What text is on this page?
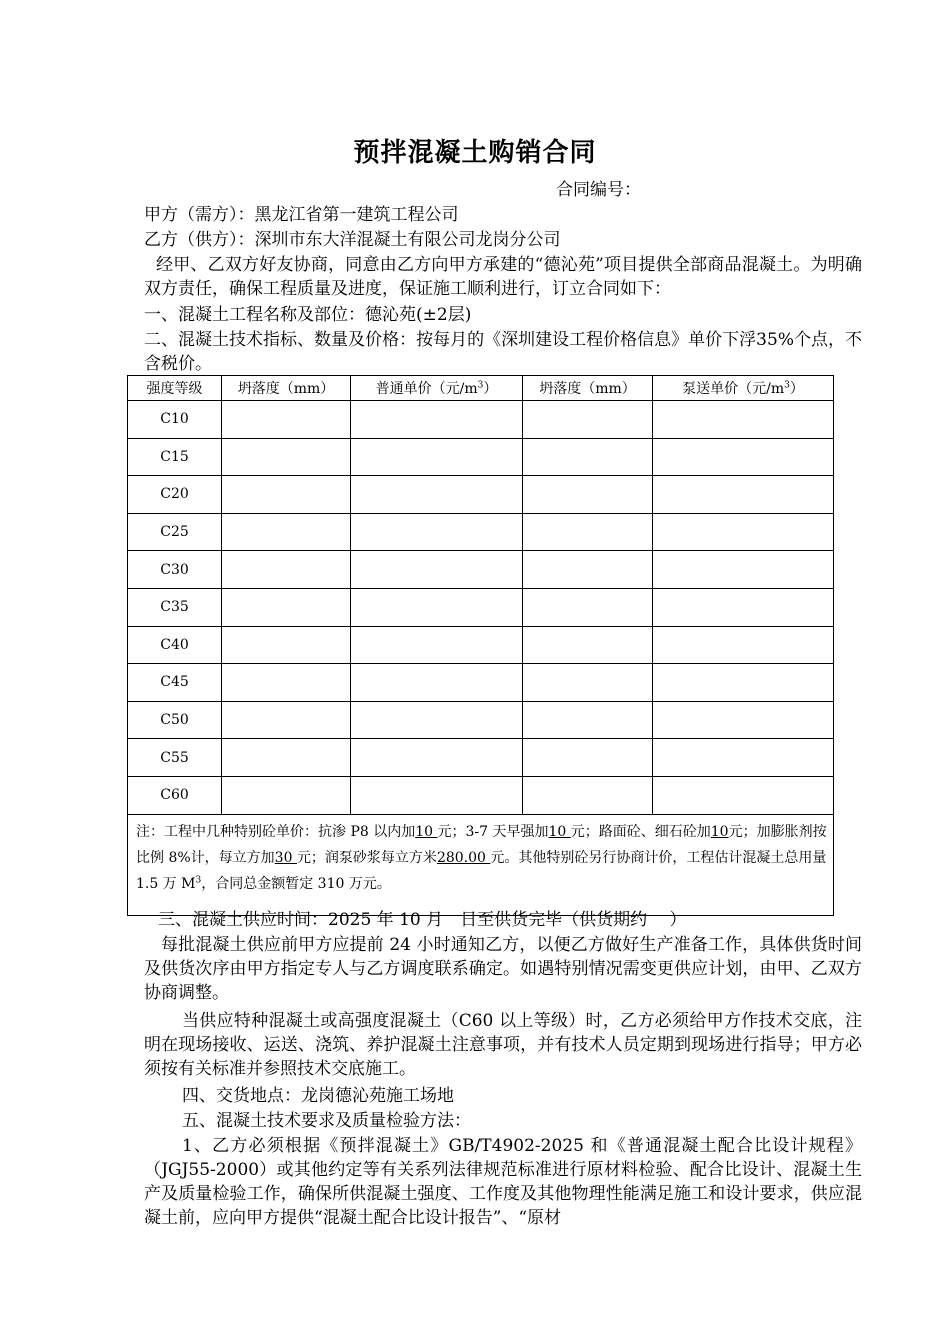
预拌混凝土购销合同
合同编号：
甲方（需方）：黑龙江省第一建筑工程公司
乙方（供方）：深圳市东大洋混凝土有限公司龙岗分公司
经甲、乙双方好友协商，同意由乙方向甲方承建的“德沁苑”项目提供全部商品混凝土。为明确双方责任，确保工程质量及进度，保证施工顺利进行，订立合同如下：
一、混凝土工程名称及部位：德沁苑(±2层)
二、混凝土技术指标、数量及价格：按每月的《深圳建设工程价格信息》单价下浮35%个点，不含税价。
强度等级	坍落度（mm）	普通单价（元$/m^3$）	坍落度（mm）	泵送单价（元$/m^3$）
C10				
C15				
C20				
C25				
C30				
C35				
C40				
C45				
C50				
C55				
C60				
注：工程中几种特别砼单价：抗渗 P8 以内加10 元；3-7 天早强加10 元；路面砼、细石砼加10元；加膨胀剂按比例 8%计，每立方加30 元；润泵砂浆每立方米280.00 元。其他特别砼另行协商计价，工程估计混凝土总用量 1.5 万 $M^3$，合同总金额暂定 310 万元。				
三、混凝土供应时间：2025 年 10 月　日至供货完毕（供货期约　 ）
每批混凝土供应前甲方应提前 24 小时通知乙方，以便乙方做好生产准备工作，具体供货时间及供货次序由甲方指定专人与乙方调度联系确定。如遇特别情况需变更供应计划，由甲、乙双方协商调整。
当供应特种混凝土或高强度混凝土（C60 以上等级）时，乙方必须给甲方作技术交底，注明在现场接收、运送、浇筑、养护混凝土注意事项，并有技术人员定期到现场进行指导；甲方必须按有关标准并参照技术交底施工。
四、交货地点：龙岗德沁苑施工场地
五、混凝土技术要求及质量检验方法：
1、乙方必须根据《预拌混凝土》GB/T4902-2025 和《普通混凝土配合比设计规程》（JGJ55-2000）或其他约定等有关系列法律规范标准进行原材料检验、配合比设计、混凝土生产及质量检验工作，确保所供混凝土强度、工作度及其他物理性能满足施工和设计要求，供应混凝土前，应向甲方提供“混凝土配合比设计报告”、“原材
